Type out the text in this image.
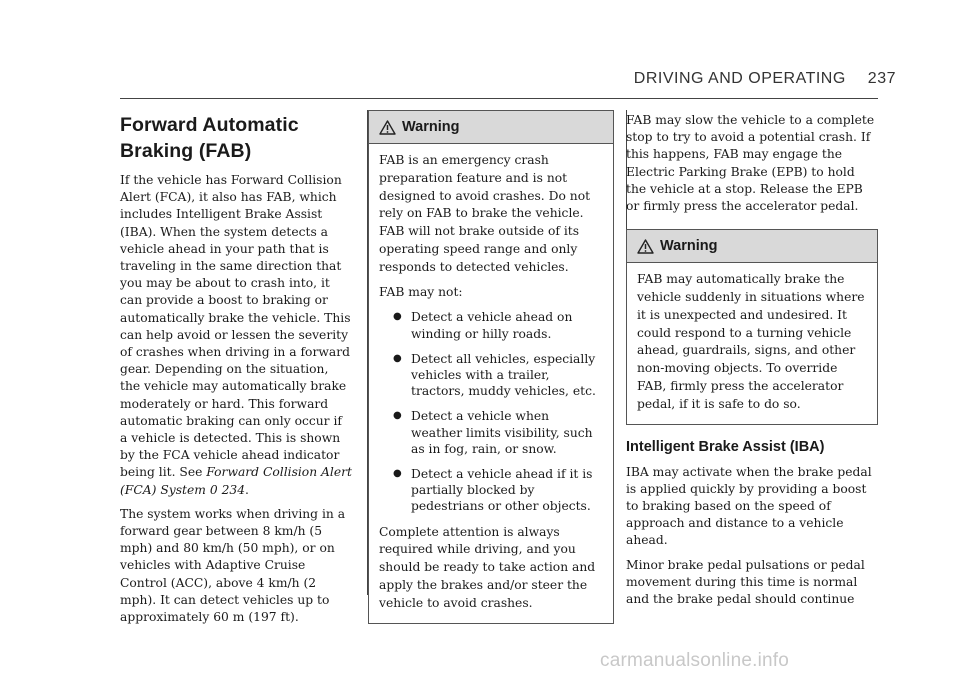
DRIVING AND OPERATING 237
Forward Automatic Braking (FAB)

If the vehicle has Forward Collision Alert (FCA), it also has FAB, which includes Intelligent Brake Assist (IBA). When the system detects a vehicle ahead in your path that is traveling in the same direction that you may be about to crash into, it can provide a boost to braking or automatically brake the vehicle. This can help avoid or lessen the severity of crashes when driving in a forward gear. Depending on the situation, the vehicle may automatically brake moderately or hard. This forward automatic braking can only occur if a vehicle is detected. This is shown by the FCA vehicle ahead indicator being lit. See Forward Collision Alert (FCA) System 0 234.

The system works when driving in a forward gear between 8 km/h (5 mph) and 80 km/h (50 mph), or on vehicles with Adaptive Cruise Control (ACC), above 4 km/h (2 mph). It can detect vehicles up to approximately 60 m (197 ft).

Warning

FAB is an emergency crash preparation feature and is not designed to avoid crashes. Do not rely on FAB to brake the vehicle. FAB will not brake outside of its operating speed range and only responds to detected vehicles.

FAB may not:

● Detect a vehicle ahead on winding or hilly roads.
● Detect all vehicles, especially vehicles with a trailer, tractors, muddy vehicles, etc.
● Detect a vehicle when weather limits visibility, such as in fog, rain, or snow.
● Detect a vehicle ahead if it is partially blocked by pedestrians or other objects.

Complete attention is always required while driving, and you should be ready to take action and apply the brakes and/or steer the vehicle to avoid crashes.

FAB may slow the vehicle to a complete stop to try to avoid a potential crash. If this happens, FAB may engage the Electric Parking Brake (EPB) to hold the vehicle at a stop. Release the EPB or firmly press the accelerator pedal.

Warning

FAB may automatically brake the vehicle suddenly in situations where it is unexpected and undesired. It could respond to a turning vehicle ahead, guardrails, signs, and other non-moving objects. To override FAB, firmly press the accelerator pedal, if it is safe to do so.

Intelligent Brake Assist (IBA)

IBA may activate when the brake pedal is applied quickly by providing a boost to braking based on the speed of approach and distance to a vehicle ahead.

Minor brake pedal pulsations or pedal movement during this time is normal and the brake pedal should continue

carmanualsonline.info
